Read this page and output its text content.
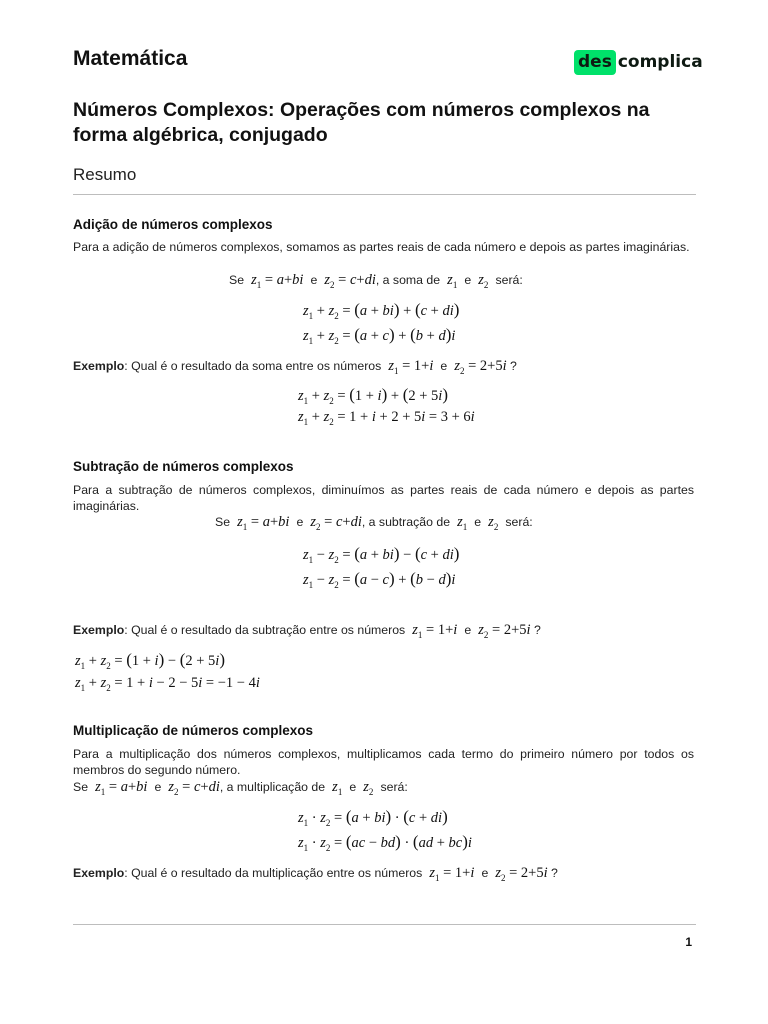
Matemática	des complica
Números Complexos: Operações com números complexos na forma algébrica, conjugado
Resumo
Adição de números complexos
Para a adição de números complexos, somamos as partes reais de cada número e depois as partes imaginárias.
Se $z_1 = a+bi$ e $z_2 = c+di$, a soma de $z_1$ e $z_2$ será:
$z_1 + z_2 = (a + bi) + (c + di)$
$z_1 + z_2 = (a + c) + (b + d)i$
Exemplo: Qual é o resultado da soma entre os números $z_1 = 1+i$ e $z_2 = 2+5i$ ?
$z_1 + z_2 = (1 + i) + (2 + 5i)$
$z_1 + z_2 = 1 + i + 2 + 5i = 3 + 6i$
Subtração de números complexos
Para a subtração de números complexos, diminuímos as partes reais de cada número e depois as partes imaginárias.
Se $z_1 = a+bi$ e $z_2 = c+di$, a subtração de $z_1$ e $z_2$ será:
$z_1 - z_2 = (a + bi) - (c + di)$
$z_1 - z_2 = (a - c) + (b - d)i$
Exemplo: Qual é o resultado da subtração entre os números $z_1 = 1+i$ e $z_2 = 2+5i$ ?
$z_1 + z_2 = (1 + i) - (2 + 5i)$
$z_1 + z_2 = 1 + i - 2 - 5i = -1 - 4i$
Multiplicação de números complexos
Para a multiplicação dos números complexos, multiplicamos cada termo do primeiro número por todos os membros do segundo número.
Se $z_1 = a+bi$ e $z_2 = c+di$, a multiplicação de $z_1$ e $z_2$ será:
$z_1 \cdot z_2 = (a + bi) \cdot (c + di)$
$z_1 \cdot z_2 = (ac - bd) \cdot (ad + bc)i$
Exemplo: Qual é o resultado da multiplicação entre os números $z_1 = 1+i$ e $z_2 = 2+5i$ ?
1
